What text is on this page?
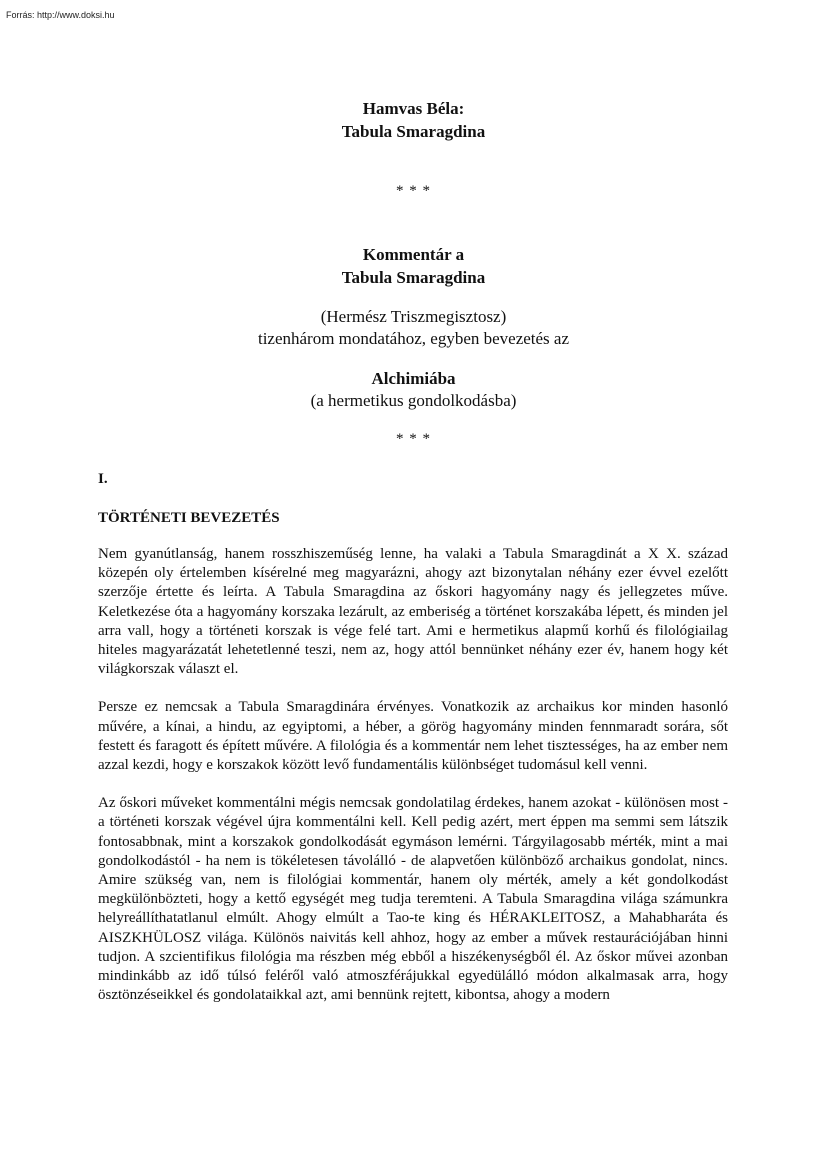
Forrás: http://www.doksi.hu
Hamvas Béla:
Tabula Smaragdina
* * *
Kommentár a
Tabula Smaragdina
(Hermész Triszmegisztosz)
tizenhárom mondatához, egyben bevezetés az
Alchimiába
(a hermetikus gondolkodásba)
* * *
I.
TÖRTÉNETI BEVEZETÉS

Nem gyanútlanság, hanem rosszhiszeműség lenne, ha valaki a Tabula Smaragdinát a X X. század közepén oly értelemben kísérelné meg magyarázni, ahogy azt bizonytalan néhány ezer évvel ezelőtt szerzője értette és leírta. A Tabula Smaragdina az őskori hagyomány nagy és jellegzetes műve. Keletkezése óta a hagyomány korszaka lezárult, az emberiség a történet korszakába lépett, és minden jel arra vall, hogy a történeti korszak is vége felé tart. Ami e hermetikus alapmű korhű és filológiailag hiteles magyarázatát lehetetlenné teszi, nem az, hogy attól bennünket néhány ezer év, hanem hogy két világkorszak választ el.

Persze ez nemcsak a Tabula Smaragdinára érvényes. Vonatkozik az archaikus kor minden hasonló művére, a kínai, a hindu, az egyiptomi, a héber, a görög hagyomány minden fennmaradt sorára, sőt festett és faragott és épített művére. A filológia és a kommentár nem lehet tisztességes, ha az ember nem azzal kezdi, hogy e korszakok között levő fundamentális különbséget tudomásul kell venni.

Az őskori műveket kommentálni mégis nemcsak gondolatilag érdekes, hanem azokat - különösen most - a történeti korszak végével újra kommentálni kell. Kell pedig azért, mert éppen ma semmi sem látszik fontosabbnak, mint a korszakok gondolkodását egymáson lemérni. Tárgyilagosabb mérték, mint a mai gondolkodástól - ha nem is tökéletesen távolálló - de alapvetően különböző archaikus gondolat, nincs. Amire szükség van, nem is filológiai kommentár, hanem oly mérték, amely a két gondolkodást megkülönbözteti, hogy a kettő egységét meg tudja teremteni. A Tabula Smaragdina világa számunkra helyreállíthatatlanul elmúlt. Ahogy elmúlt a Tao-te king és HÉRAKLEITOSZ, a Mahabharáta és AISZKHÜLOSZ világa. Különös naivitás kell ahhoz, hogy az ember a művek restaurációjában hinni tudjon. A szcientifikus filológia ma részben még ebből a hiszékenységből él. Az őskor művei azonban mindinkább az idő túlsó feléről való atmoszférájukkal egyedülálló módon alkalmasak arra, hogy ösztönzéseikkel és gondolataikkal azt, ami bennünk rejtett, kibontsa, ahogy a modern
